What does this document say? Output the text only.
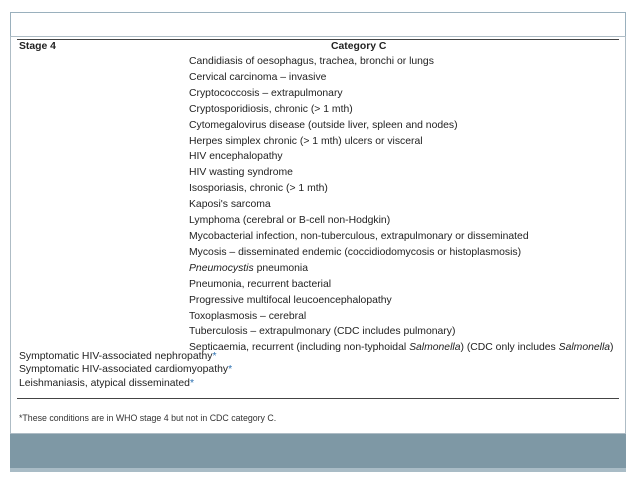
Stage 4	Category C
Candidiasis of oesophagus, trachea, bronchi or lungs
Cervical carcinoma – invasive
Cryptococcosis – extrapulmonary
Cryptosporidiosis, chronic (> 1 mth)
Cytomegalovirus disease (outside liver, spleen and nodes)
Herpes simplex chronic (> 1 mth) ulcers or visceral
HIV encephalopathy
HIV wasting syndrome
Isosporiasis, chronic (> 1 mth)
Kaposi's sarcoma
Lymphoma (cerebral or B-cell non-Hodgkin)
Mycobacterial infection, non-tuberculous, extrapulmonary or disseminated
Mycosis – disseminated endemic (coccidiodomycosis or histoplasmosis)
Pneumocystis pneumonia
Pneumonia, recurrent bacterial
Progressive multifocal leucoencephalopathy
Toxoplasmosis – cerebral
Tuberculosis – extrapulmonary (CDC includes pulmonary)
Septicaemia, recurrent (including non-typhoidal Salmonella) (CDC only includes Salmonella)
Symptomatic HIV-associated nephropathy*
Symptomatic HIV-associated cardiomyopathy*
Leishmaniasis, atypical disseminated*
*These conditions are in WHO stage 4 but not in CDC category C.
